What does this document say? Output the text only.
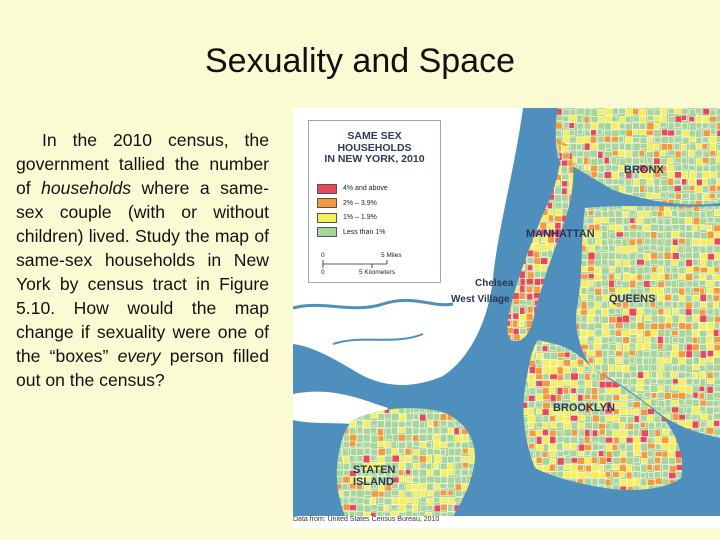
Sexuality and Space

In the 2010 census, the government tallied the number of households where a same-sex couple (with or without children) lived. Study the map of same-sex households in New York by census tract in Figure 5.10. How would the map change if sexuality were one of the “boxes” every person filled out on the census?

SAME SEX
HOUSEHOLDS
IN NEW YORK, 2010
4% and above
2% – 3.9%
1% – 1.9%
Less than 1%
0
0
5 Miles
5 Kilometers
BRONX
MANHATTAN
Chelsea
West Village	QUEENS
BROOKLYN
STATEN
ISLAND
Data from: United States Census Bureau, 2010
